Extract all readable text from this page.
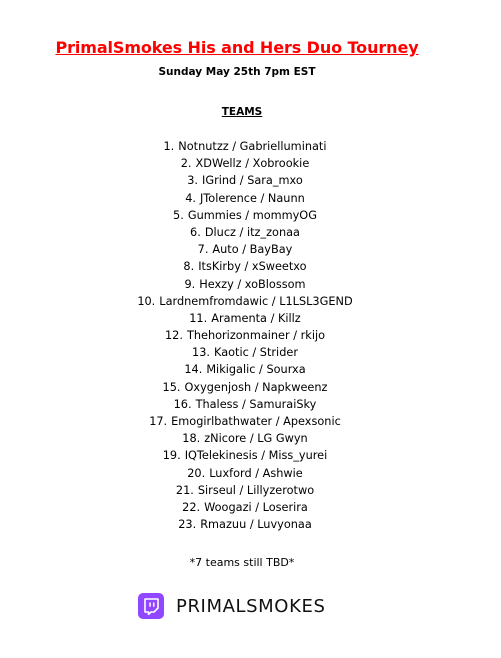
PrimalSmokes His and Hers Duo Tourney
Sunday May 25th 7pm EST
TEAMS
1. Notnutzz / Gabrielluminati
2. XDWellz / Xobrookie
3. IGrind / Sara_mxo
4. JTolerence / Naunn
5. Gummies / mommyOG
6. Dlucz / itz_zonaa
7. Auto / BayBay
8. ItsKirby / xSweetxo
9. Hexzy / xoBlossom
10. Lardnemfromdawic / L1LSL3GEND
11. Aramenta / Killz
12. Thehorizonmainer / rkijo
13. Kaotic / Strider
14. Mikigalic / Sourxa
15. Oxygenjosh / Napkweenz
16. Thaless / SamuraiSky
17. Emogirlbathwater / Apexsonic
18. zNicore / LG Gwyn
19. IQTelekinesis / Miss_yurei
20. Luxford / Ashwie
21. Sirseul / Lillyzerotwo
22. Woogazi / Loserira
23. Rmazuu / Luvyonaa
*7 teams still TBD*
PRIMALSMOKES
